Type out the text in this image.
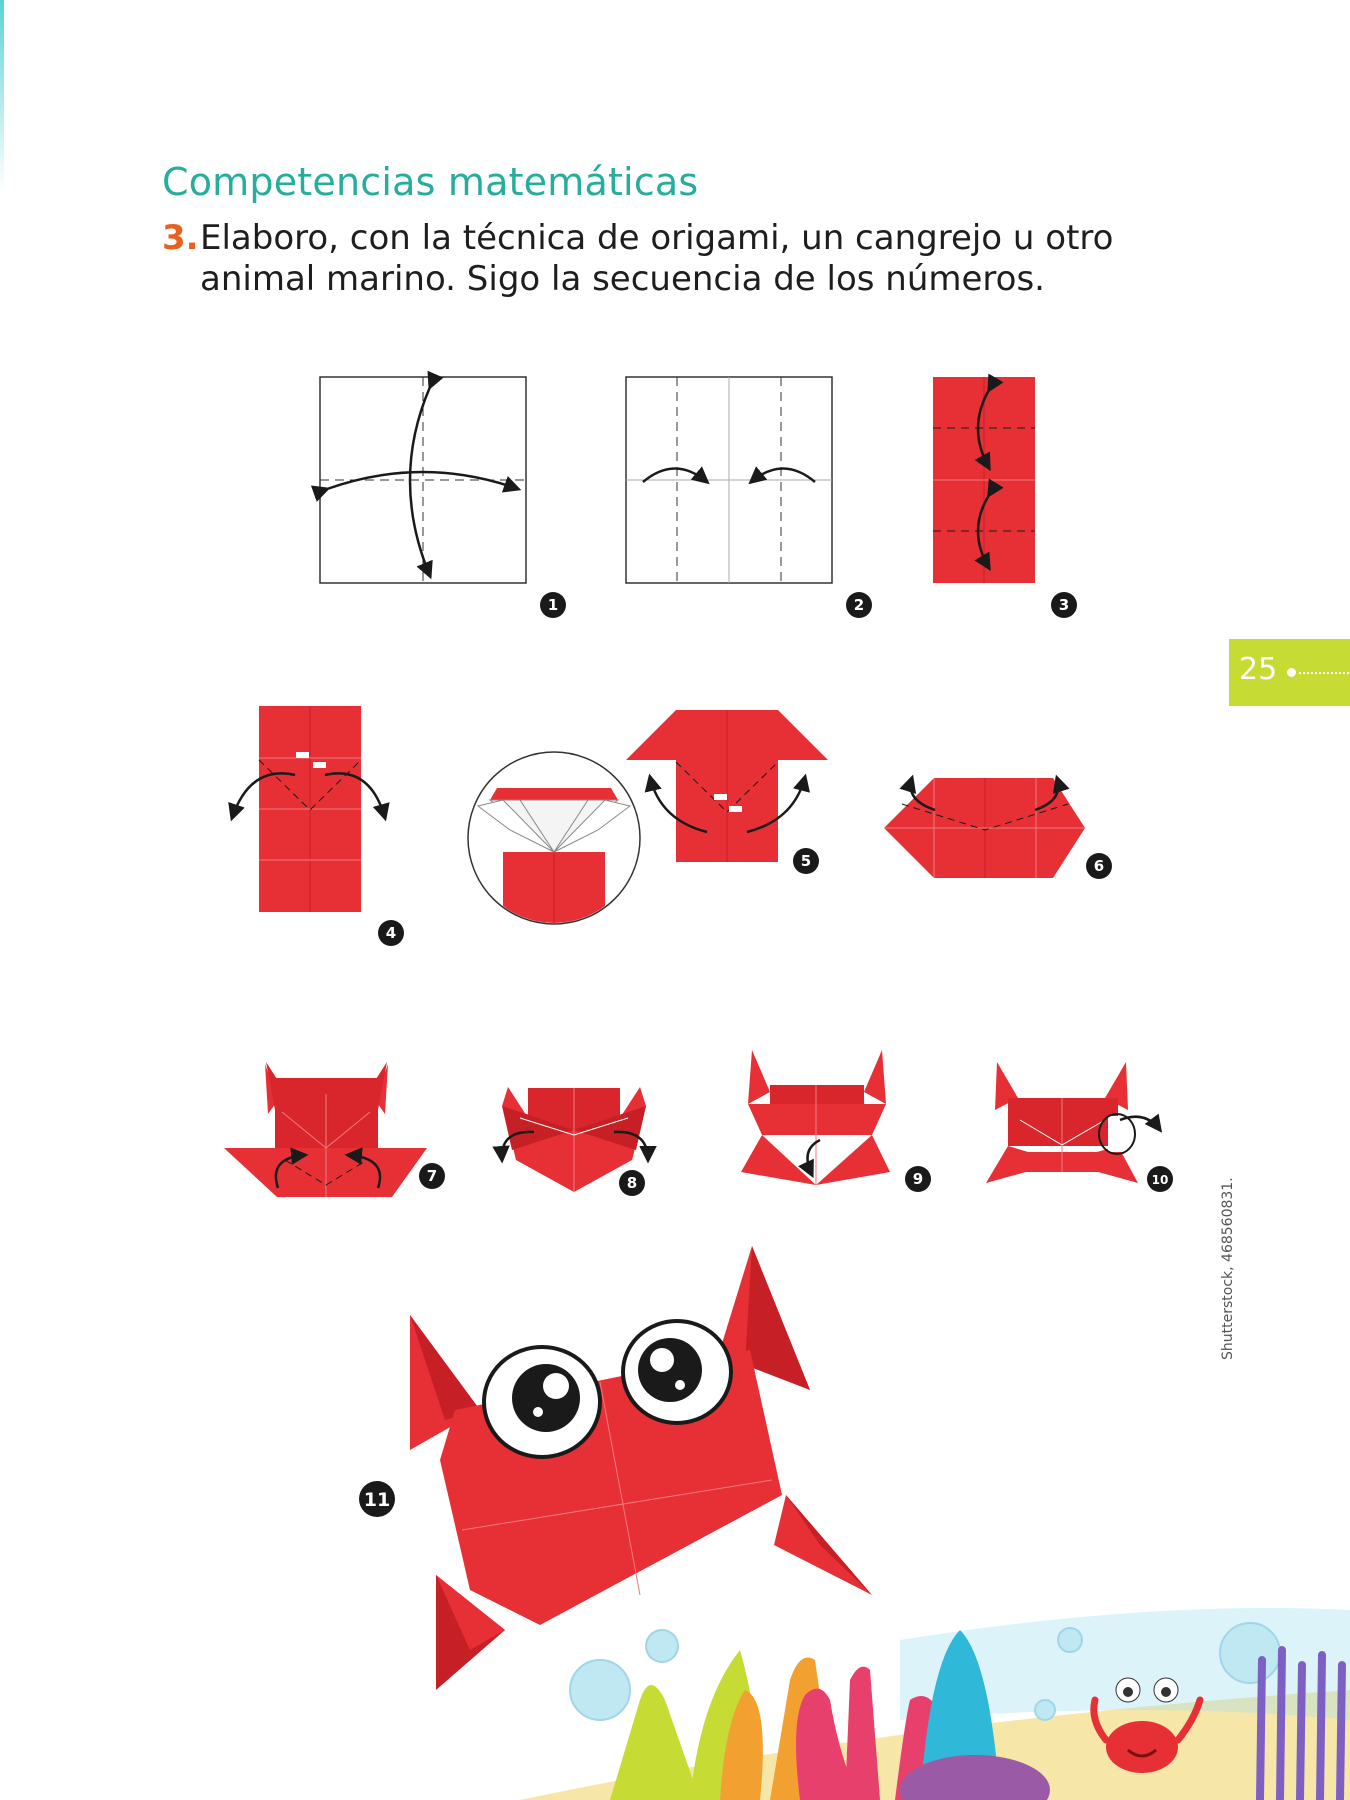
Competencias matemáticas
3. Elaboro, con la técnica de origami, un cangrejo u otro animal marino. Sigo la secuencia de los números.
25
Shutterstock, 468560831.
1	2	3
4
5	6
7	8	9	10
11
